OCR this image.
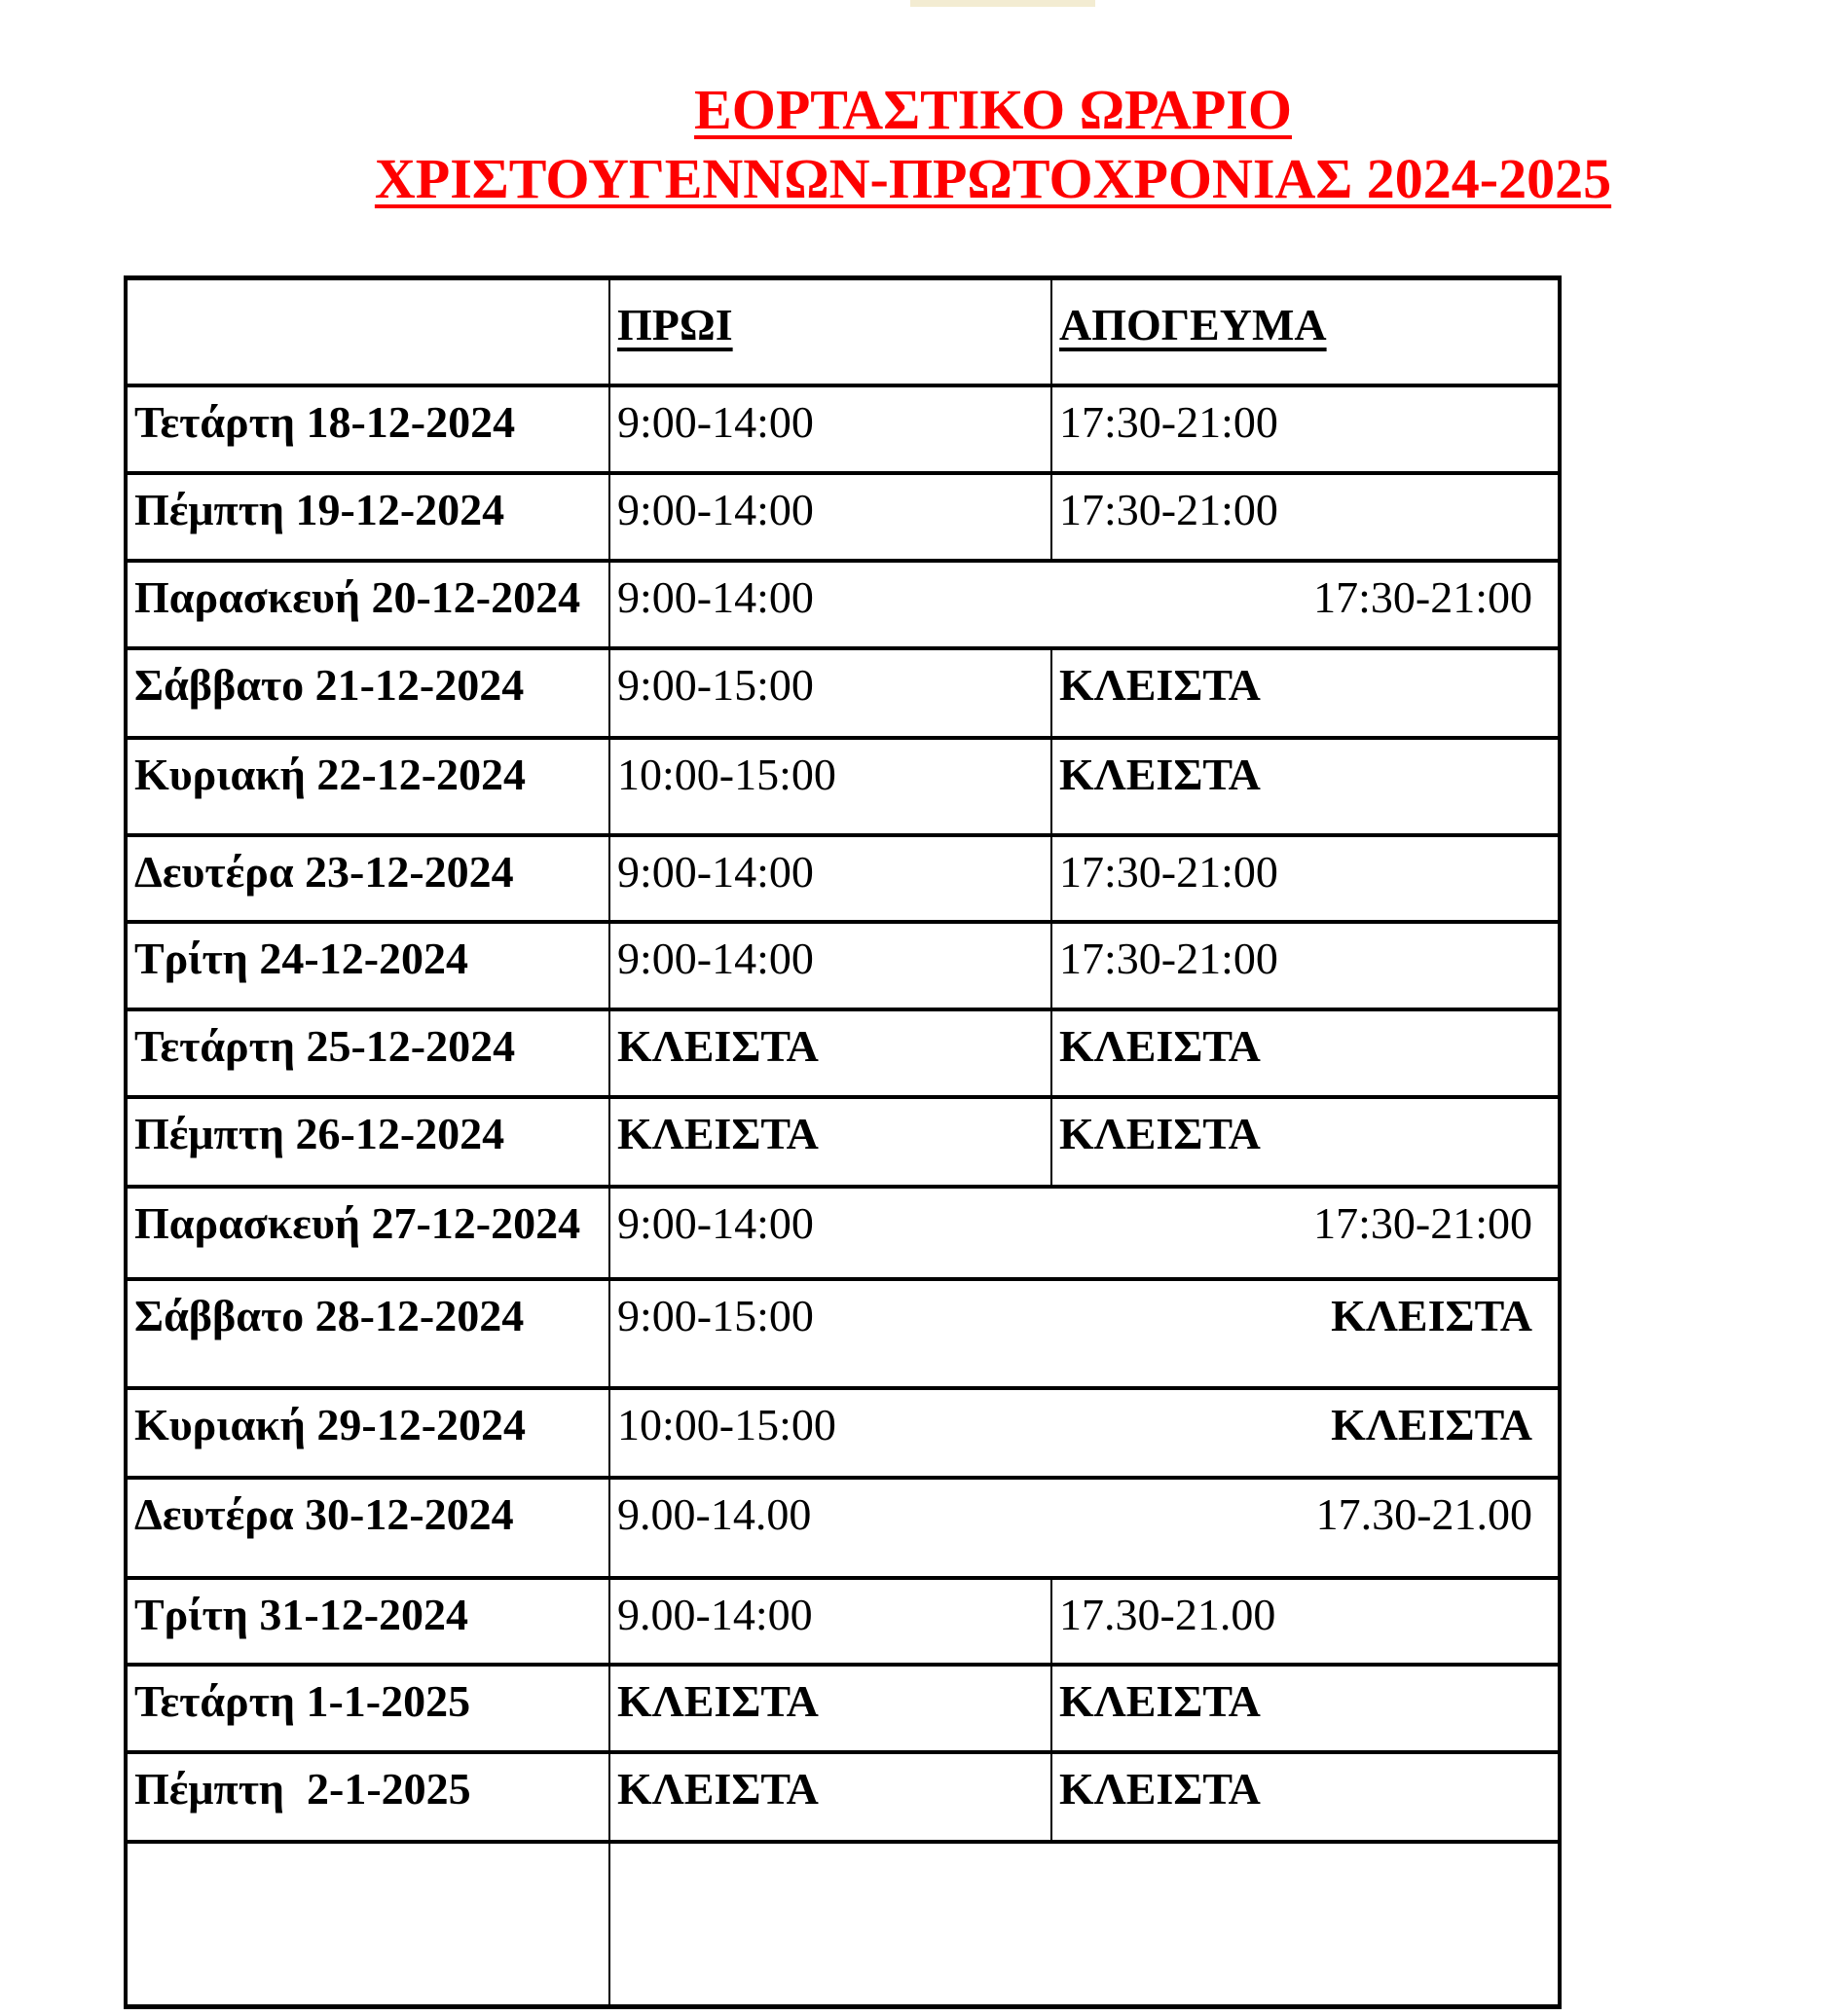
ΕΟΡΤΑΣΤΙΚΟ ΩΡΑΡΙΟ
ΧΡΙΣΤΟΥΓΕΝΝΩΝ-ΠΡΩΤΟΧΡΟΝΙΑΣ 2024-2025
	ΠΡΩΙ	ΑΠΟΓΕΥΜΑ
Τετάρτη 18-12-2024	9:00-14:00	17:30-21:00
Πέμπτη 19-12-2024	9:00-14:00	17:30-21:00
Παρασκευή 20-12-2024	9:00-14:00 17:30-21:00	

Σάββατο 21-12-2024	9:00-15:00	ΚΛΕΙΣΤΑ
Κυριακή 22-12-2024	10:00-15:00	ΚΛΕΙΣΤΑ
Δευτέρα 23-12-2024	9:00-14:00	17:30-21:00
Τρίτη 24-12-2024	9:00-14:00	17:30-21:00
Τετάρτη 25-12-2024	ΚΛΕΙΣΤΑ	ΚΛΕΙΣΤΑ
Πέμπτη 26-12-2024	ΚΛΕΙΣΤΑ	ΚΛΕΙΣΤΑ
Παρασκευή 27-12-2024	9:00-14:00 17:30-21:00	

Σάββατο 28-12-2024	9:00-15:00 ΚΛΕΙΣΤΑ	

Κυριακή 29-12-2024	10:00-15:00 ΚΛΕΙΣΤΑ	

Δευτέρα 30-12-2024	9.00-14.00 17.30-21.00	

Τρίτη 31-12-2024	9.00-14:00	17.30-21.00
Τετάρτη 1-1-2025	ΚΛΕΙΣΤΑ	ΚΛΕΙΣΤΑ
Πέμπτη  2-1-2025	ΚΛΕΙΣΤΑ	ΚΛΕΙΣΤΑ
